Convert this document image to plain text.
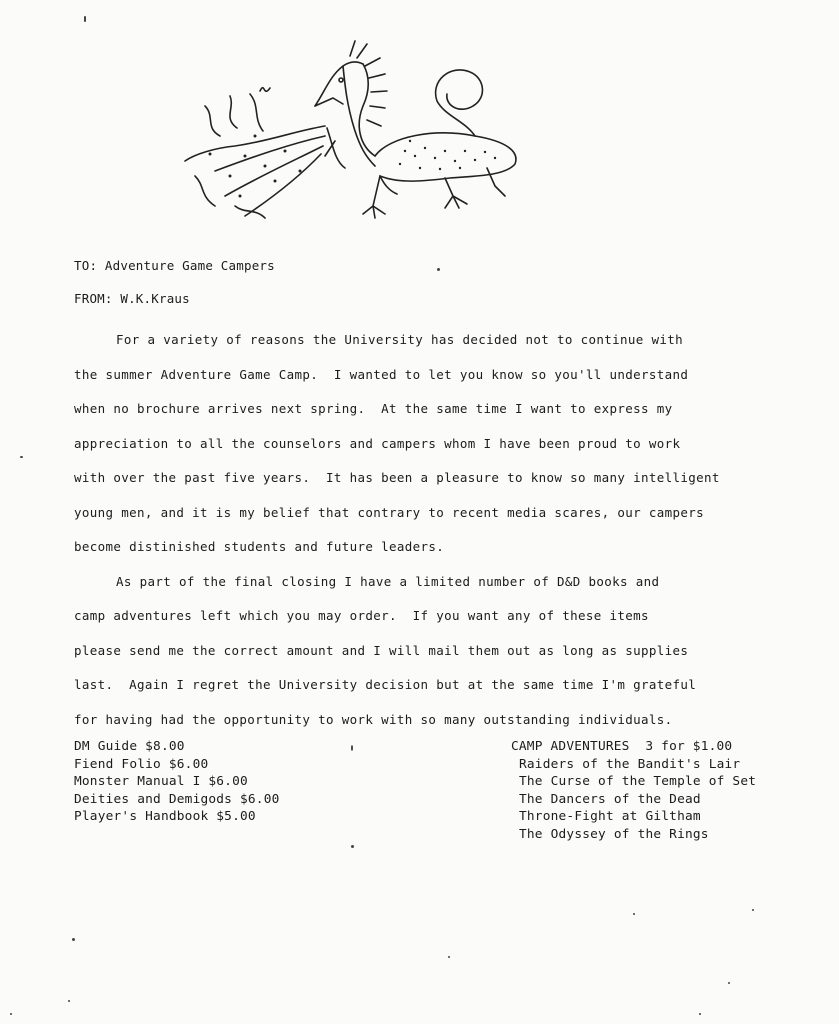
TO: Adventure Game Campers
FROM: W.K.Kraus
For a variety of reasons the University has decided not to continue with
the summer Adventure Game Camp.  I wanted to let you know so you'll understand
when no brochure arrives next spring.  At the same time I want to express my
appreciation to all the counselors and campers whom I have been proud to work
with over the past five years.  It has been a pleasure to know so many intelligent
young men, and it is my belief that contrary to recent media scares, our campers
become distinished students and future leaders.
As part of the final closing I have a limited number of D&D books and
camp adventures left which you may order.  If you want any of these items
please send me the correct amount and I will mail them out as long as supplies
last.  Again I regret the University decision but at the same time I'm grateful
for having had the opportunity to work with so many outstanding individuals.
DM Guide $8.00
Fiend Folio $6.00
Monster Manual I $6.00
Deities and Demigods $6.00
Player's Handbook $5.00
CAMP ADVENTURES  3 for $1.00
Raiders of the Bandit's Lair
The Curse of the Temple of Set
The Dancers of the Dead
Throne-Fight at Giltham
The Odyssey of the Rings
